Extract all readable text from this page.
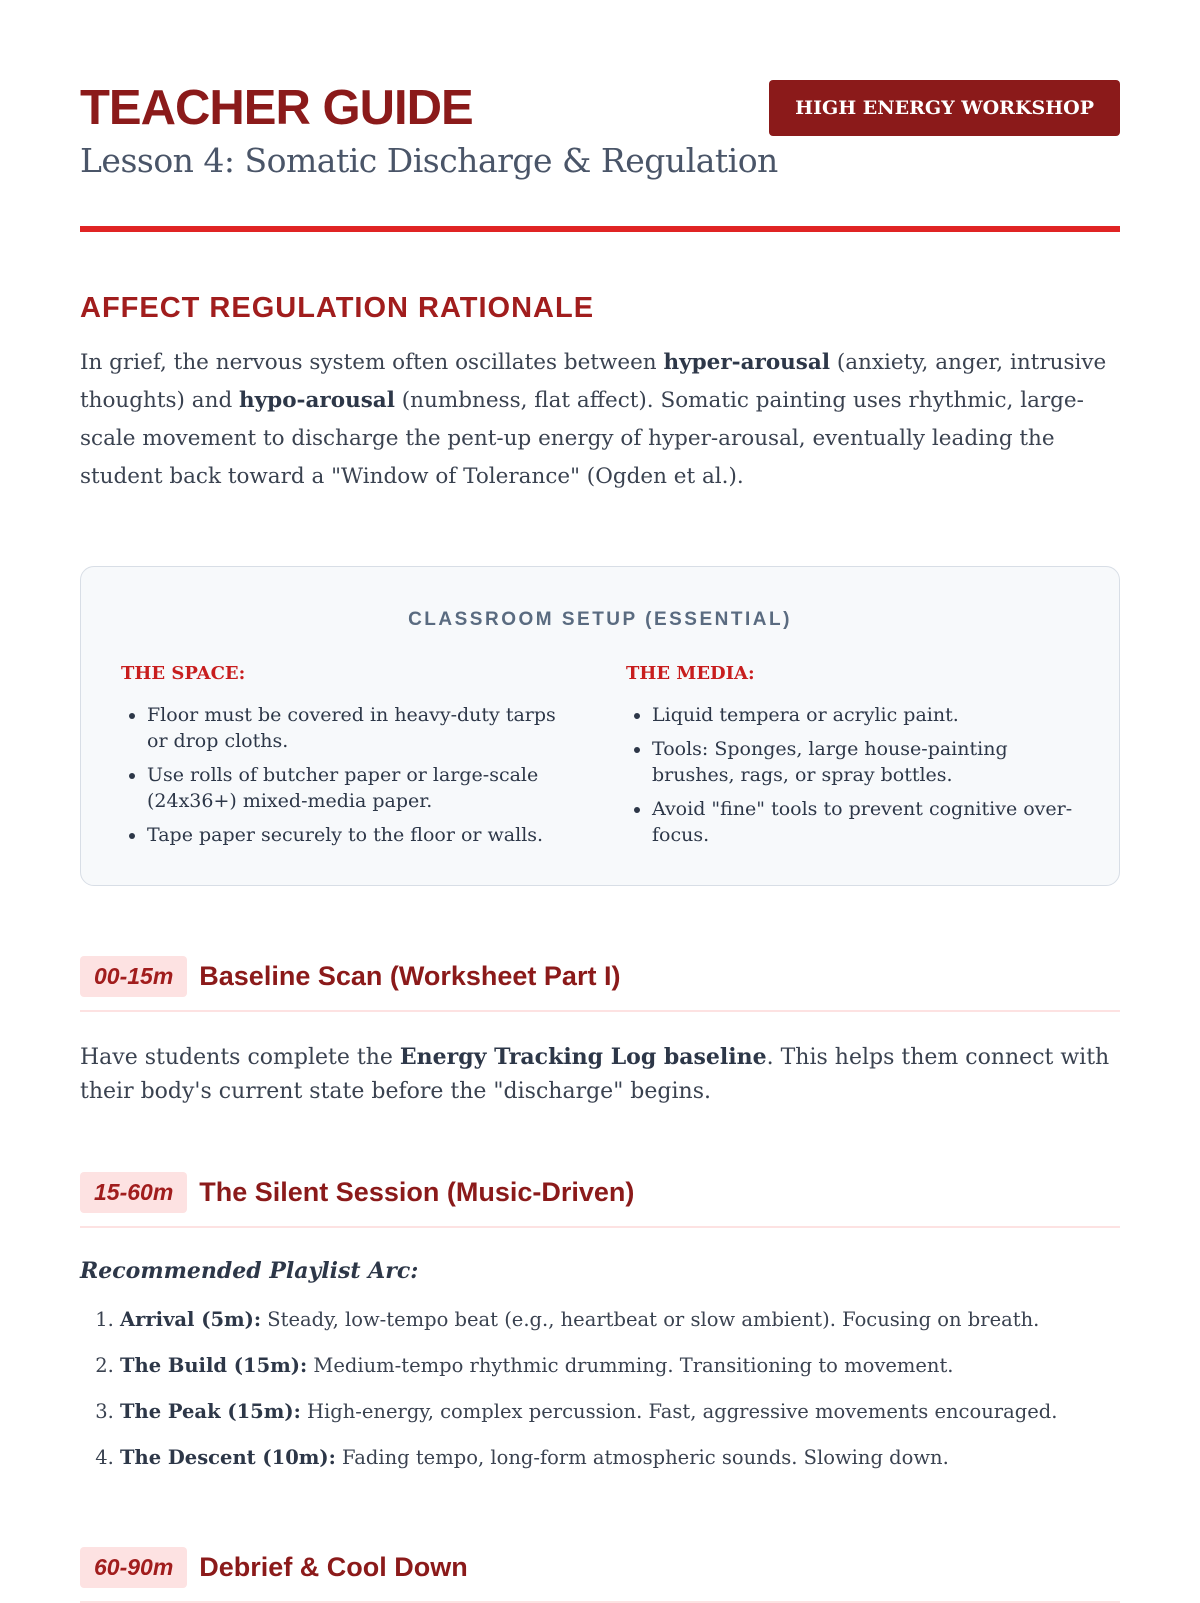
TEACHER GUIDE
Lesson 4: Somatic Discharge & Regulation
HIGH ENERGY WORKSHOP
AFFECT REGULATION RATIONALE

In grief, the nervous system often oscillates between hyper-arousal (anxiety, anger, intrusive thoughts) and hypo-arousal (numbness, flat affect). Somatic painting uses rhythmic, large-scale movement to discharge the pent-up energy of hyper-arousal, eventually leading the student back toward a "Window of Tolerance" (Ogden et al.).

CLASSROOM SETUP (ESSENTIAL)
THE SPACE:
• Floor must be covered in heavy-duty tarps or drop cloths.
• Use rolls of butcher paper or large-scale (24x36+) mixed-media paper.
• Tape paper securely to the floor or walls.
THE MEDIA:
• Liquid tempera or acrylic paint.
• Tools: Sponges, large house-painting brushes, rags, or spray bottles.
• Avoid "fine" tools to prevent cognitive over-focus.
00-15m Baseline Scan (Worksheet Part I)

Have students complete the Energy Tracking Log baseline. This helps them connect with their body's current state before the "discharge" begins.

15-60m The Silent Session (Music-Driven)

Recommended Playlist Arc:

1. Arrival (5m): Steady, low-tempo beat (e.g., heartbeat or slow ambient). Focusing on breath.
2. The Build (15m): Medium-tempo rhythmic drumming. Transitioning to movement.
3. The Peak (15m): High-energy, complex percussion. Fast, aggressive movements encouraged.
4. The Descent (10m): Fading tempo, long-form atmospheric sounds. Slowing down.
60-90m Debrief & Cool Down
